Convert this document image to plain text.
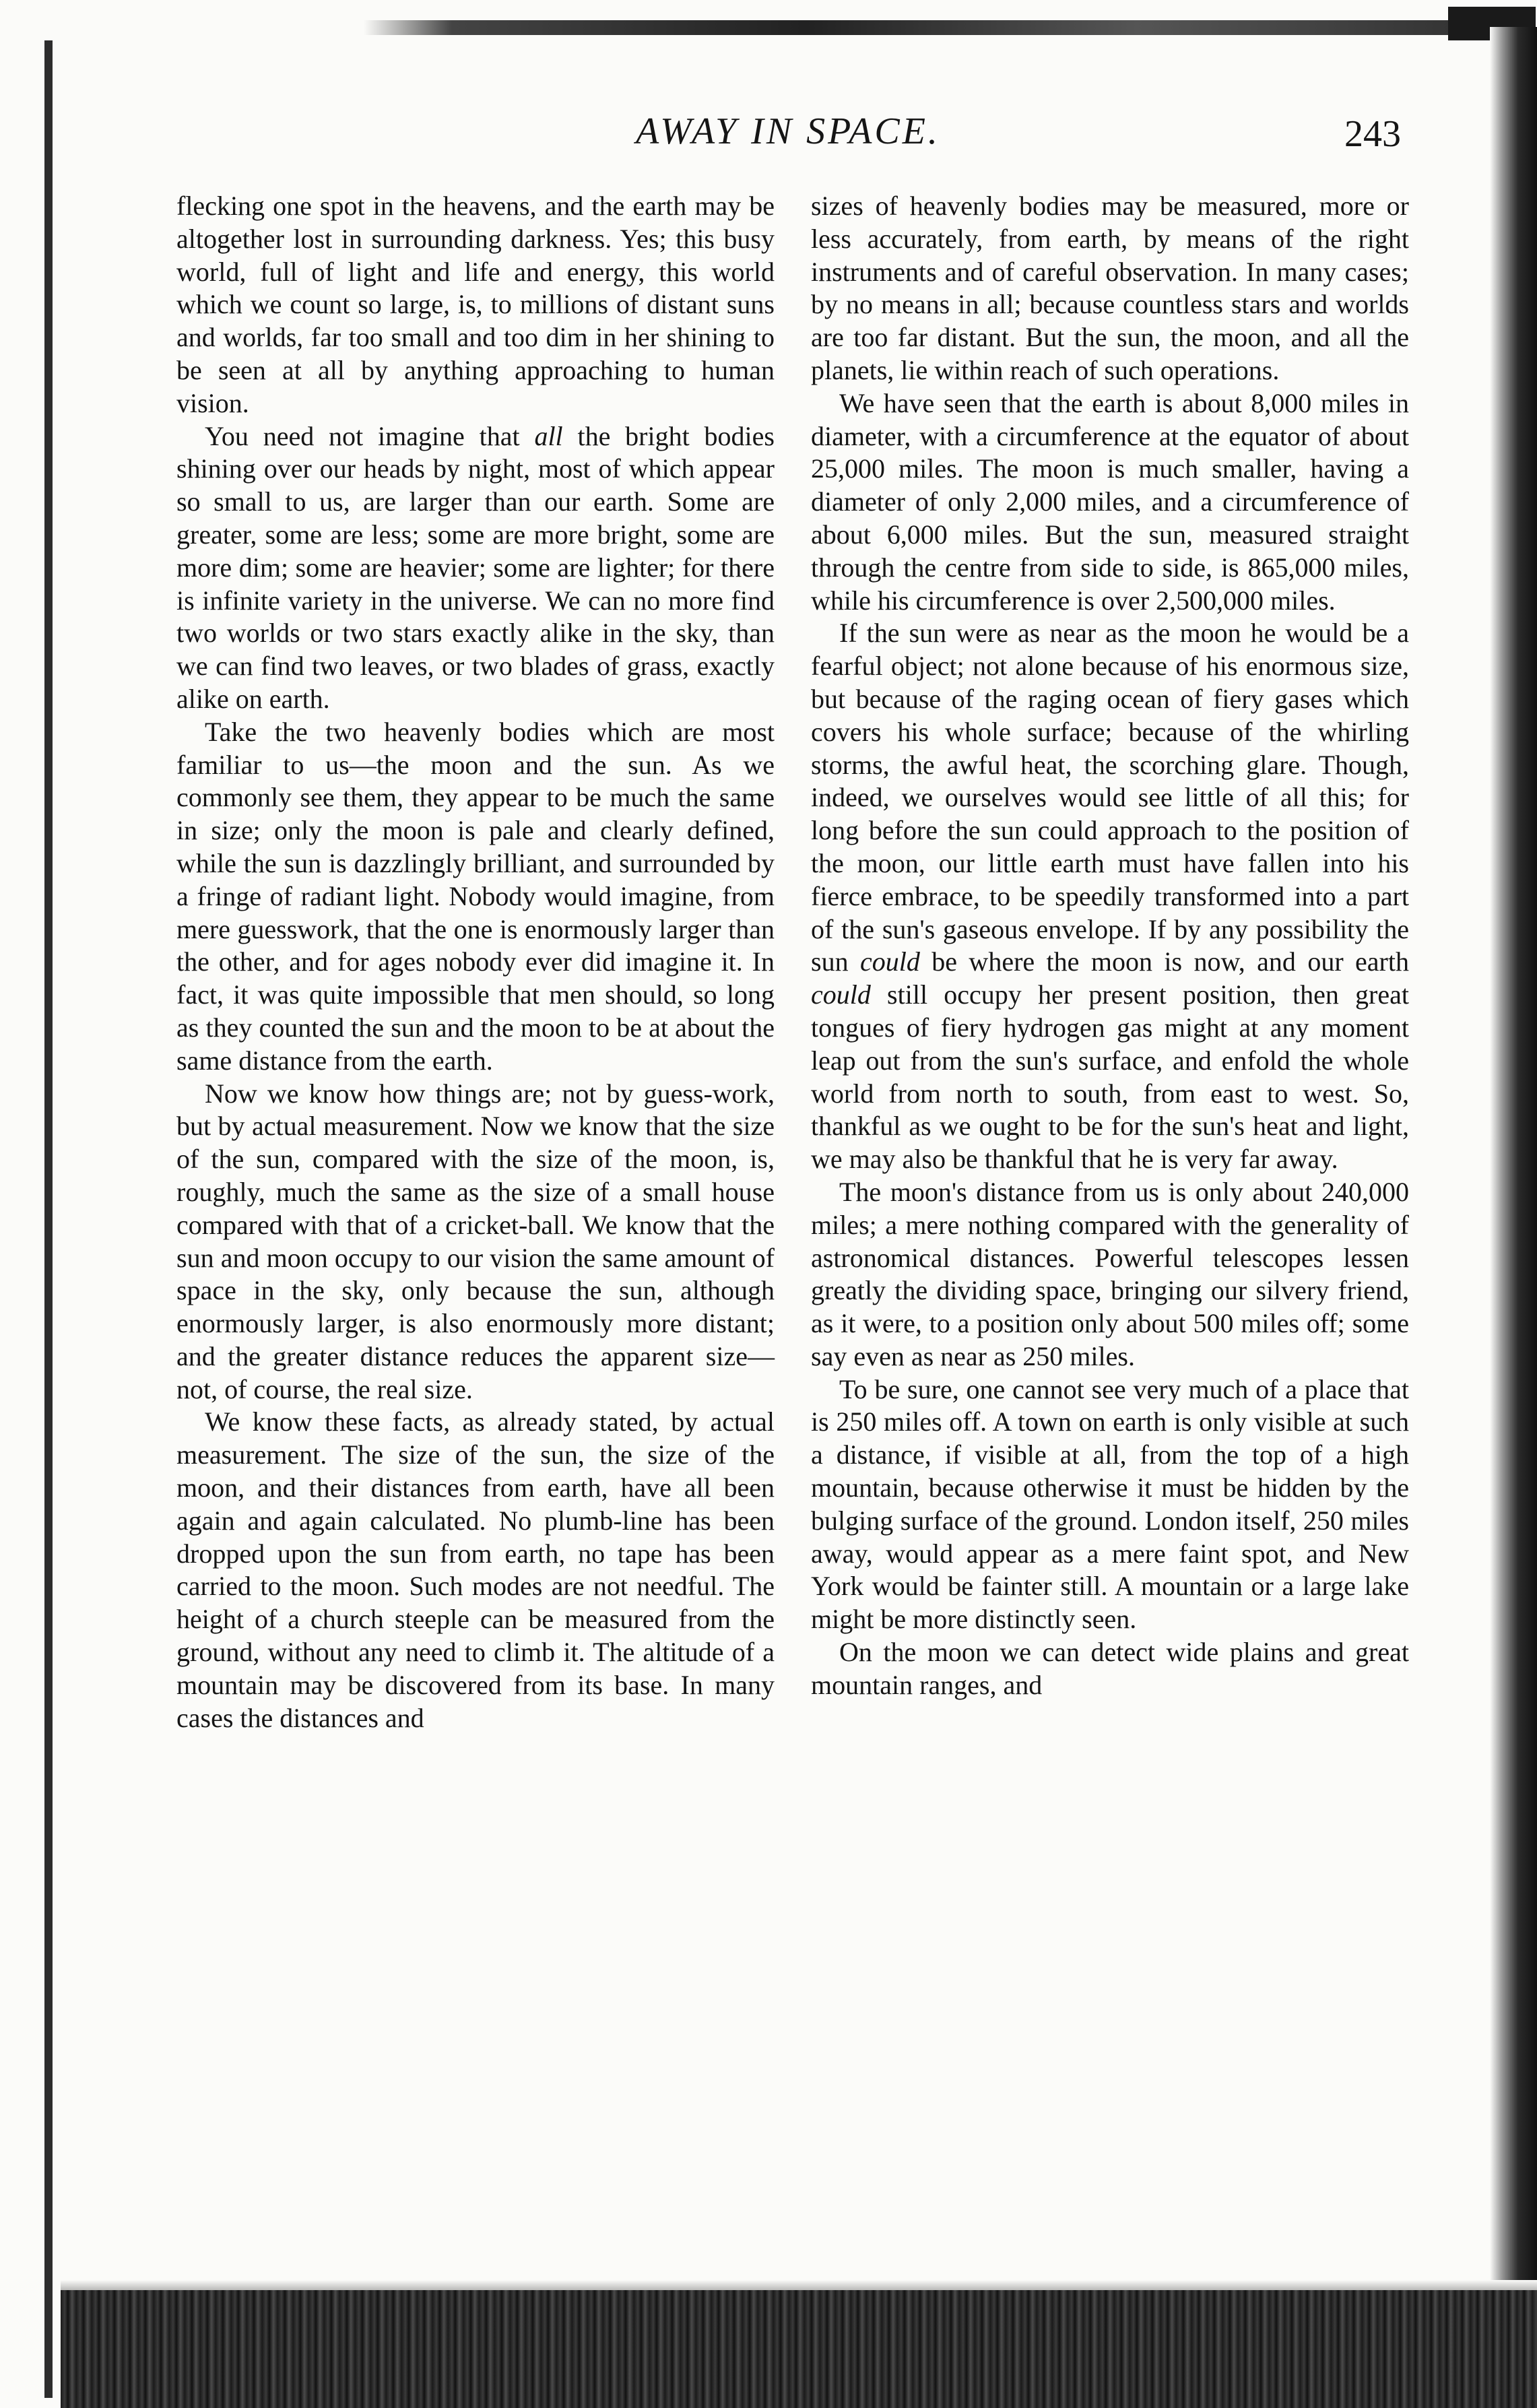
AWAY IN SPACE.	243

flecking one spot in the heavens, and the earth may be altogether lost in surrounding darkness. Yes; this busy world, full of light and life and energy, this world which we count so large, is, to millions of distant suns and worlds, far too small and too dim in her shining to be seen at all by anything approaching to human vision.

You need not imagine that all the bright bodies shining over our heads by night, most of which appear so small to us, are larger than our earth. Some are greater, some are less; some are more bright, some are more dim; some are heavier; some are lighter; for there is infinite variety in the universe. We can no more find two worlds or two stars exactly alike in the sky, than we can find two leaves, or two blades of grass, exactly alike on earth.

Take the two heavenly bodies which are most familiar to us—the moon and the sun. As we commonly see them, they appear to be much the same in size; only the moon is pale and clearly defined, while the sun is dazzlingly brilliant, and surrounded by a fringe of radiant light. Nobody would imagine, from mere guesswork, that the one is enormously larger than the other, and for ages nobody ever did imagine it. In fact, it was quite impossible that men should, so long as they counted the sun and the moon to be at about the same distance from the earth.

Now we know how things are; not by guess-work, but by actual measurement. Now we know that the size of the sun, compared with the size of the moon, is, roughly, much the same as the size of a small house compared with that of a cricket-ball. We know that the sun and moon occupy to our vision the same amount of space in the sky, only because the sun, although enormously larger, is also enormously more distant; and the greater distance reduces the apparent size—not, of course, the real size.

We know these facts, as already stated, by actual measurement. The size of the sun, the size of the moon, and their distances from earth, have all been again and again calculated. No plumb-line has been dropped upon the sun from earth, no tape has been carried to the moon. Such modes are not needful. The height of a church steeple can be measured from the ground, without any need to climb it. The altitude of a mountain may be discovered from its base. In many cases the distances and

sizes of heavenly bodies may be measured, more or less accurately, from earth, by means of the right instruments and of careful observation. In many cases; by no means in all; because countless stars and worlds are too far distant. But the sun, the moon, and all the planets, lie within reach of such operations.

We have seen that the earth is about 8,000 miles in diameter, with a circumference at the equator of about 25,000 miles. The moon is much smaller, having a diameter of only 2,000 miles, and a circumference of about 6,000 miles. But the sun, measured straight through the centre from side to side, is 865,000 miles, while his circumference is over 2,500,000 miles.

If the sun were as near as the moon he would be a fearful object; not alone because of his enormous size, but because of the raging ocean of fiery gases which covers his whole surface; because of the whirling storms, the awful heat, the scorching glare. Though, indeed, we ourselves would see little of all this; for long before the sun could approach to the position of the moon, our little earth must have fallen into his fierce embrace, to be speedily transformed into a part of the sun's gaseous envelope. If by any possibility the sun could be where the moon is now, and our earth could still occupy her present position, then great tongues of fiery hydrogen gas might at any moment leap out from the sun's surface, and enfold the whole world from north to south, from east to west. So, thankful as we ought to be for the sun's heat and light, we may also be thankful that he is very far away.

The moon's distance from us is only about 240,000 miles; a mere nothing compared with the generality of astronomical distances. Powerful telescopes lessen greatly the dividing space, bringing our silvery friend, as it were, to a position only about 500 miles off; some say even as near as 250 miles.

To be sure, one cannot see very much of a place that is 250 miles off. A town on earth is only visible at such a distance, if visible at all, from the top of a high mountain, because otherwise it must be hidden by the bulging surface of the ground. London itself, 250 miles away, would appear as a mere faint spot, and New York would be fainter still. A mountain or a large lake might be more distinctly seen.

On the moon we can detect wide plains and great mountain ranges, and
